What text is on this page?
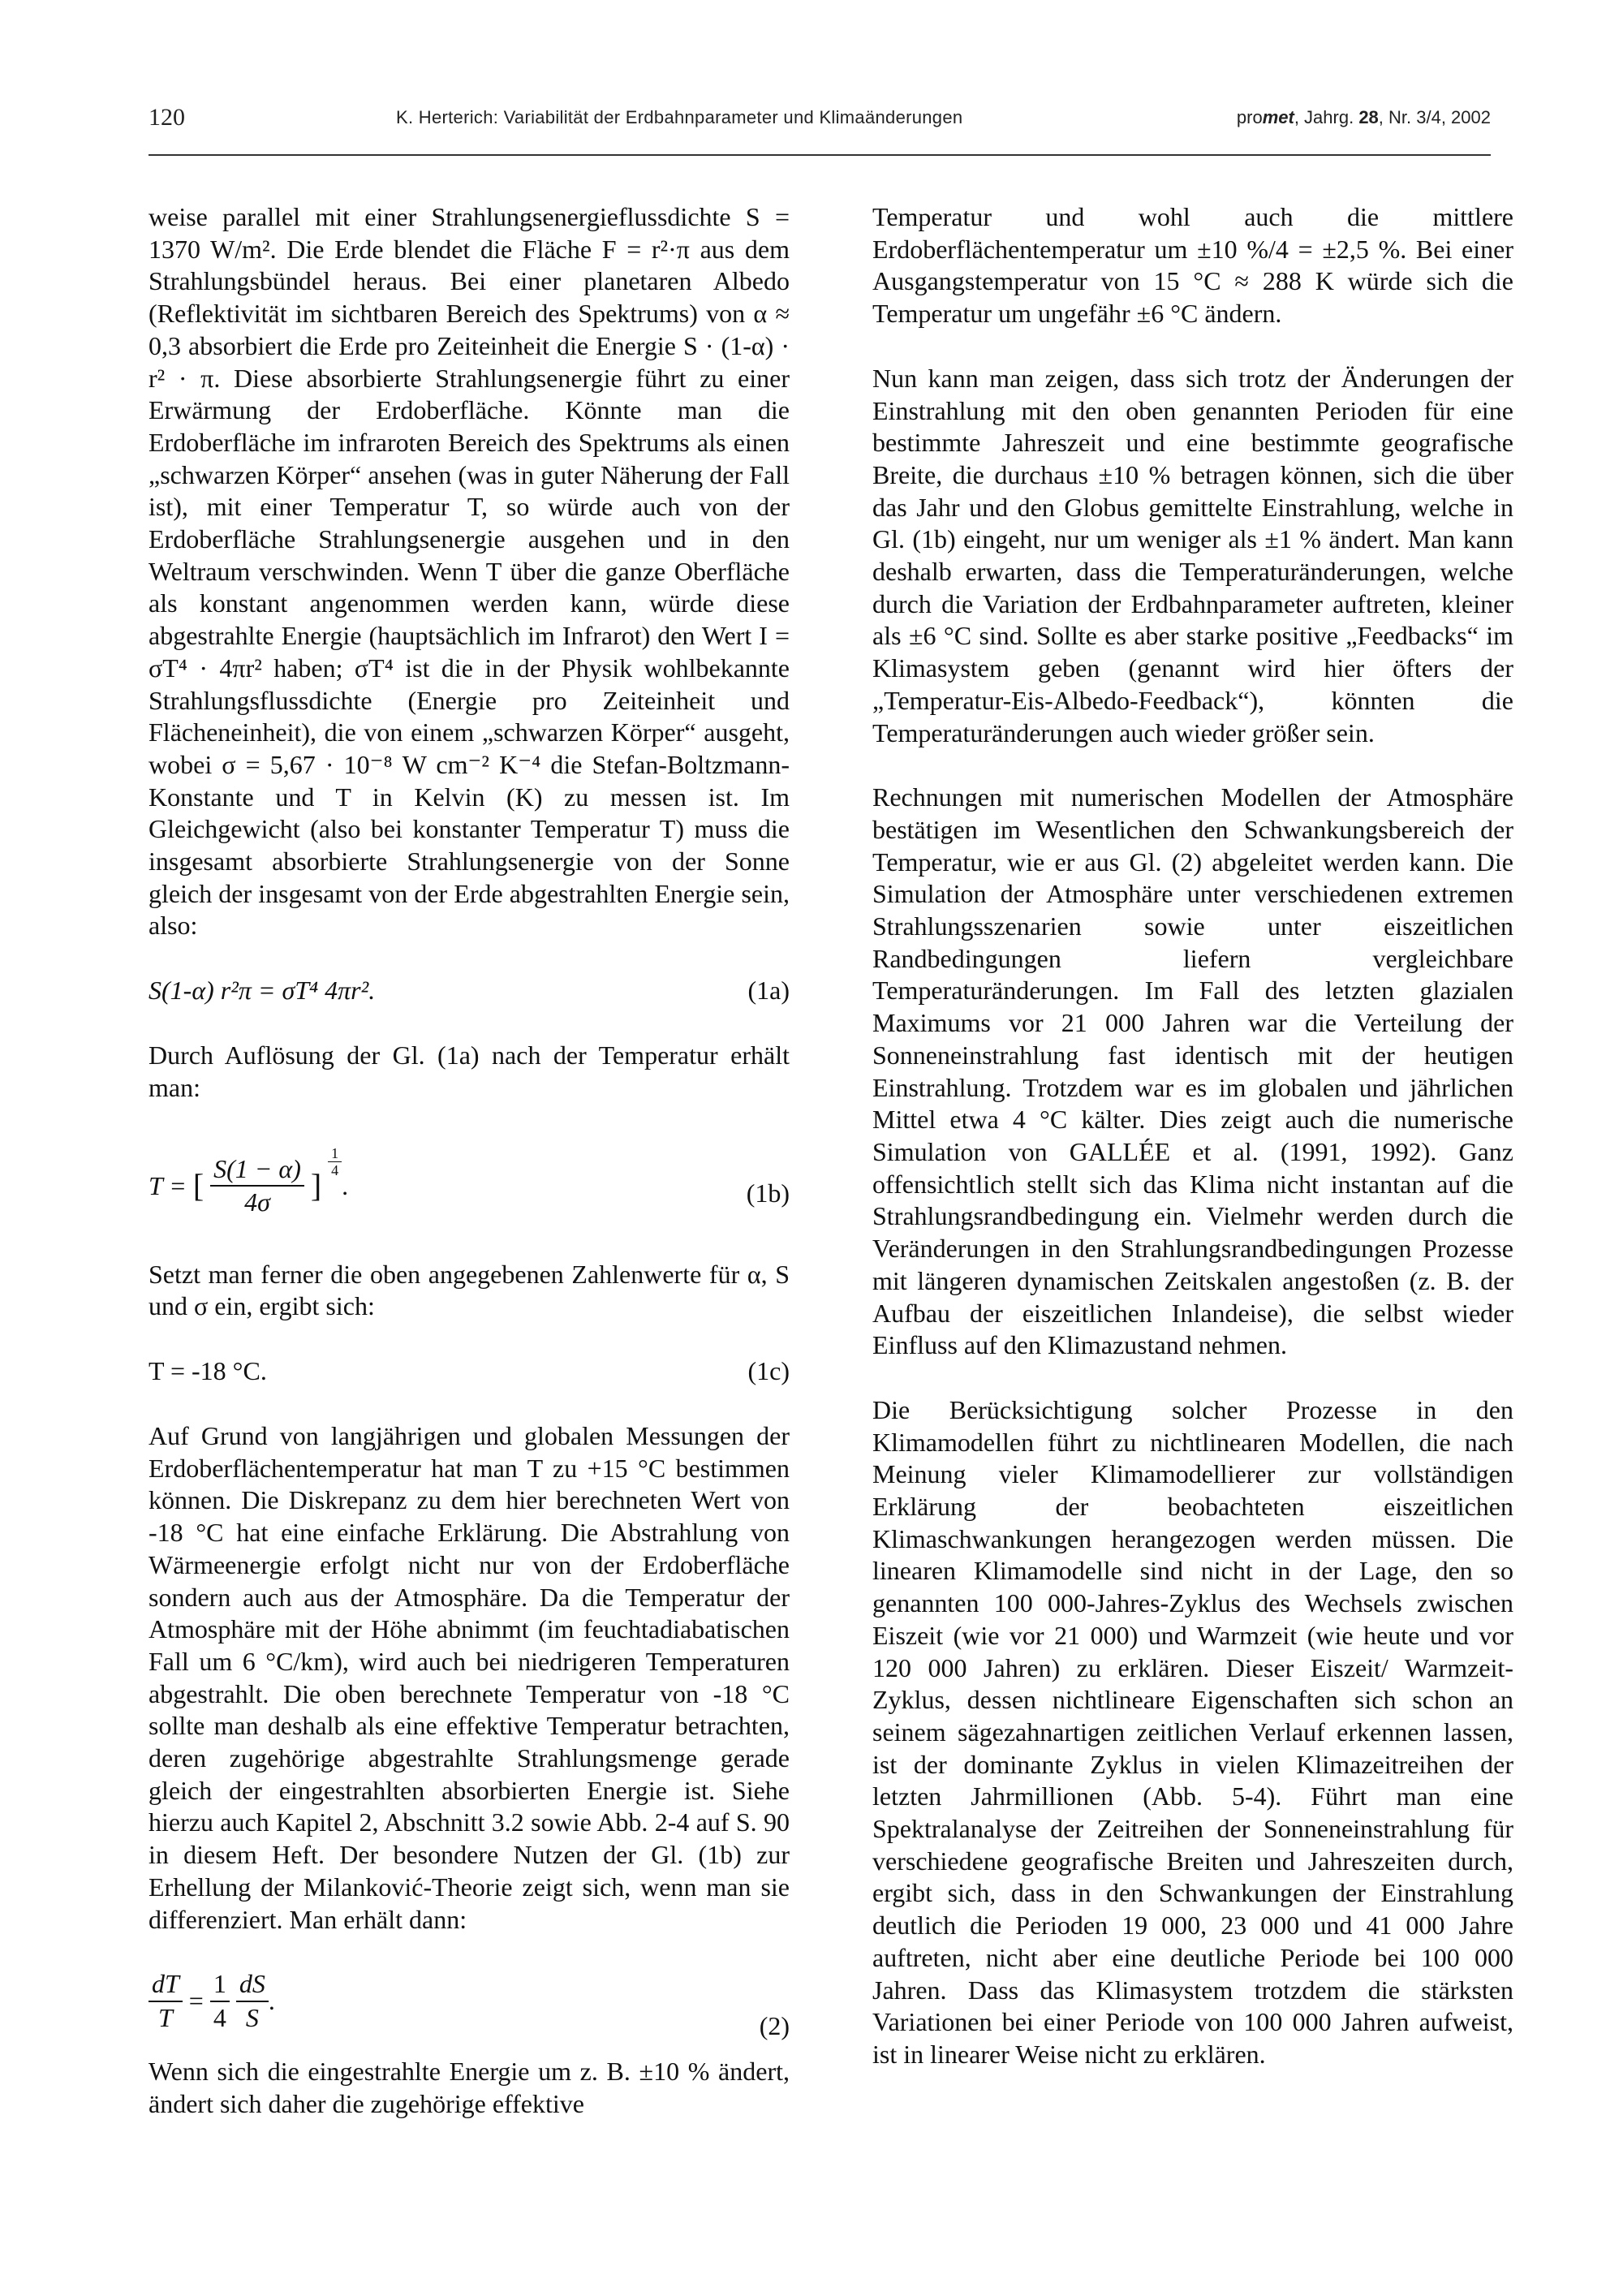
120	K. Herterich: Variabilität der Erdbahnparameter und Klimaänderungen	promet, Jahrg. 28, Nr. 3/4, 2002

weise parallel mit einer Strahlungsenergieflussdichte S = 1370 W/m². Die Erde blendet die Fläche F = r²·π aus dem Strahlungsbündel heraus. Bei einer planetaren Albedo (Reflektivität im sichtbaren Bereich des Spektrums) von α ≈ 0,3 absorbiert die Erde pro Zeiteinheit die Energie S · (1-α) · r² · π. Diese absorbierte Strahlungsenergie führt zu einer Erwärmung der Erdoberfläche. Könnte man die Erdoberfläche im infraroten Bereich des Spektrums als einen „schwarzen Körper“ ansehen (was in guter Näherung der Fall ist), mit einer Temperatur T, so würde auch von der Erdoberfläche Strahlungsenergie ausgehen und in den Weltraum verschwinden. Wenn T über die ganze Oberfläche als konstant angenommen werden kann, würde diese abgestrahlte Energie (hauptsächlich im Infrarot) den Wert I = σT⁴ · 4πr² haben; σT⁴ ist die in der Physik wohlbekannte Strahlungsflussdichte (Energie pro Zeiteinheit und Flächeneinheit), die von einem „schwarzen Körper“ ausgeht, wobei σ = 5,67 · 10⁻⁸ W cm⁻² K⁻⁴ die Stefan-Boltzmann-Konstante und T in Kelvin (K) zu messen ist. Im Gleichgewicht (also bei konstanter Temperatur T) muss die insgesamt absorbierte Strahlungsenergie von der Sonne gleich der insgesamt von der Erde abgestrahlten Energie sein, also:

S(1-α) r²π = σT⁴ 4πr².	(1a)

Durch Auflösung der Gl. (1a) nach der Temperatur erhält man:

T = [ $\frac{S(1 - \alpha)}{4\sigma}$ ]
$\frac{1}{4}$
.	(1b)

Setzt man ferner die oben angegebenen Zahlenwerte für α, S und σ ein, ergibt sich:

T = -18 °C.	(1c)

Auf Grund von langjährigen und globalen Messungen der Erdoberflächentemperatur hat man T zu +15 °C bestimmen können. Die Diskrepanz zu dem hier berechneten Wert von -18 °C hat eine einfache Erklärung. Die Abstrahlung von Wärmeenergie erfolgt nicht nur von der Erdoberfläche sondern auch aus der Atmosphäre. Da die Temperatur der Atmosphäre mit der Höhe abnimmt (im feuchtadiabatischen Fall um 6 °C/km), wird auch bei niedrigeren Temperaturen abgestrahlt. Die oben berechnete Temperatur von -18 °C sollte man deshalb als eine effektive Temperatur betrachten, deren zugehörige abgestrahlte Strahlungsmenge gerade gleich der eingestrahlten absorbierten Energie ist. Siehe hierzu auch Kapitel 2, Abschnitt 3.2 sowie Abb. 2-4 auf S. 90 in diesem Heft. Der besondere Nutzen der Gl. (1b) zur Erhellung der Milanković-Theorie zeigt sich, wenn man sie differenziert. Man erhält dann:

$\frac{dT}{T} = \frac{1}{4}$
$\frac{dS}{S}$ .
(2)

Wenn sich die eingestrahlte Energie um z. B. ±10 % ändert, ändert sich daher die zugehörige effektive

Temperatur und wohl auch die mittlere Erdoberflächentemperatur um ±10 %/4 = ±2,5 %. Bei einer Ausgangstemperatur von 15 °C ≈ 288 K würde sich die Temperatur um ungefähr ±6 °C ändern.

Nun kann man zeigen, dass sich trotz der Änderungen der Einstrahlung mit den oben genannten Perioden für eine bestimmte Jahreszeit und eine bestimmte geografische Breite, die durchaus ±10 % betragen können, sich die über das Jahr und den Globus gemittelte Einstrahlung, welche in Gl. (1b) eingeht, nur um weniger als ±1 % ändert. Man kann deshalb erwarten, dass die Temperaturänderungen, welche durch die Variation der Erdbahnparameter auftreten, kleiner als ±6 °C sind. Sollte es aber starke positive „Feedbacks“ im Klimasystem geben (genannt wird hier öfters der „Temperatur-Eis-Albedo-Feedback“), könnten die Temperaturänderungen auch wieder größer sein.

Rechnungen mit numerischen Modellen der Atmosphäre bestätigen im Wesentlichen den Schwankungsbereich der Temperatur, wie er aus Gl. (2) abgeleitet werden kann. Die Simulation der Atmosphäre unter verschiedenen extremen Strahlungsszenarien sowie unter eiszeitlichen Randbedingungen liefern vergleichbare Temperaturänderungen. Im Fall des letzten glazialen Maximums vor 21 000 Jahren war die Verteilung der Sonneneinstrahlung fast identisch mit der heutigen Einstrahlung. Trotzdem war es im globalen und jährlichen Mittel etwa 4 °C kälter. Dies zeigt auch die numerische Simulation von GALLÉE et al. (1991, 1992). Ganz offensichtlich stellt sich das Klima nicht instantan auf die Strahlungsrandbedingung ein. Vielmehr werden durch die Veränderungen in den Strahlungsrandbedingungen Prozesse mit längeren dynamischen Zeitskalen angestoßen (z. B. der Aufbau der eiszeitlichen Inlandeise), die selbst wieder Einfluss auf den Klimazustand nehmen.

Die Berücksichtigung solcher Prozesse in den Klimamodellen führt zu nichtlinearen Modellen, die nach Meinung vieler Klimamodellierer zur vollständigen Erklärung der beobachteten eiszeitlichen Klimaschwankungen herangezogen werden müssen. Die linearen Klimamodelle sind nicht in der Lage, den so genannten 100 000-Jahres-Zyklus des Wechsels zwischen Eiszeit (wie vor 21 000) und Warmzeit (wie heute und vor 120 000 Jahren) zu erklären. Dieser Eiszeit/ Warmzeit-Zyklus, dessen nichtlineare Eigenschaften sich schon an seinem sägezahnartigen zeitlichen Verlauf erkennen lassen, ist der dominante Zyklus in vielen Klimazeitreihen der letzten Jahrmillionen (Abb. 5-4). Führt man eine Spektralanalyse der Zeitreihen der Sonneneinstrahlung für verschiedene geografische Breiten und Jahreszeiten durch, ergibt sich, dass in den Schwankungen der Einstrahlung deutlich die Perioden 19 000, 23 000 und 41 000 Jahre auftreten, nicht aber eine deutliche Periode bei 100 000 Jahren. Dass das Klimasystem trotzdem die stärksten Variationen bei einer Periode von 100 000 Jahren aufweist, ist in linearer Weise nicht zu erklären.
